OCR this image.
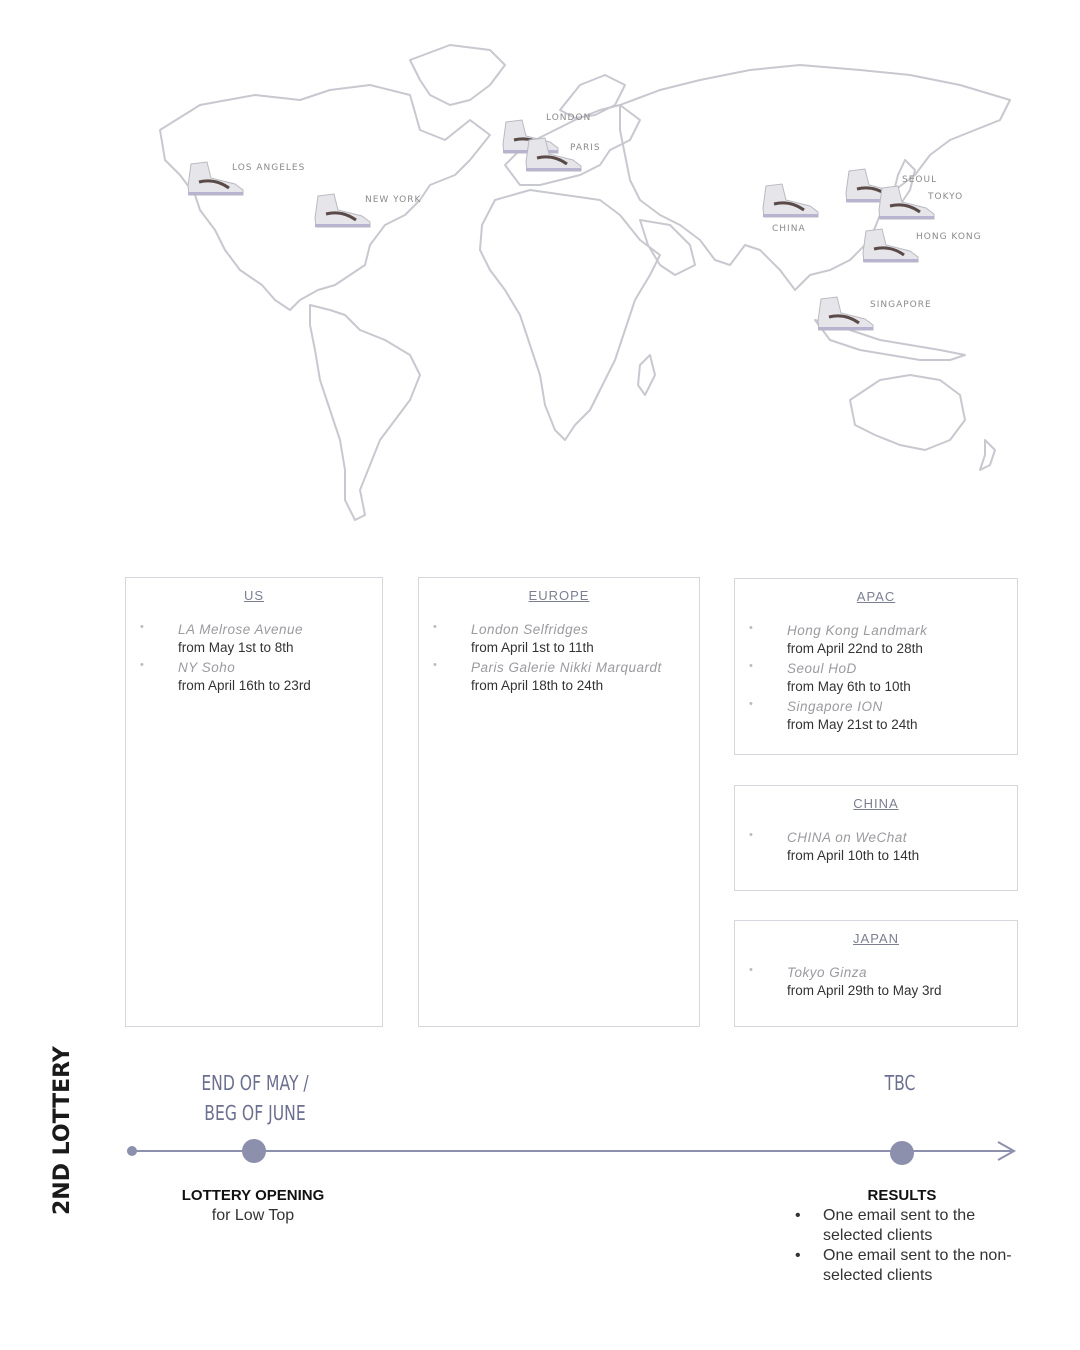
LOS ANGELES
NEW YORK
LONDON
PARIS
CHINA
SEOUL
TOKYO
HONG KONG
SINGAPORE
US
• LA Melrose Avenue
from May 1st to 8th
• NY Soho
from April 16th to 23rd
EUROPE
• London Selfridges
from April 1st to 11th
• Paris Galerie Nikki Marquardt
from April 18th to 24th
APAC
• Hong Kong Landmark
from April 22nd to 28th
• Seoul HoD
from May 6th to 10th
• Singapore ION
from May 21st to 24th
CHINA
• CHINA on WeChat
from April 10th to 14th
JAPAN
• Tokyo Ginza
from April 29th to May 3rd
2ND LOTTERY	END OF MAY /
BEG OF JUNE
TBC
LOTTERY OPENING
for Low Top
RESULTS
• One email sent to the selected clients
• One email sent to the non-selected clients
